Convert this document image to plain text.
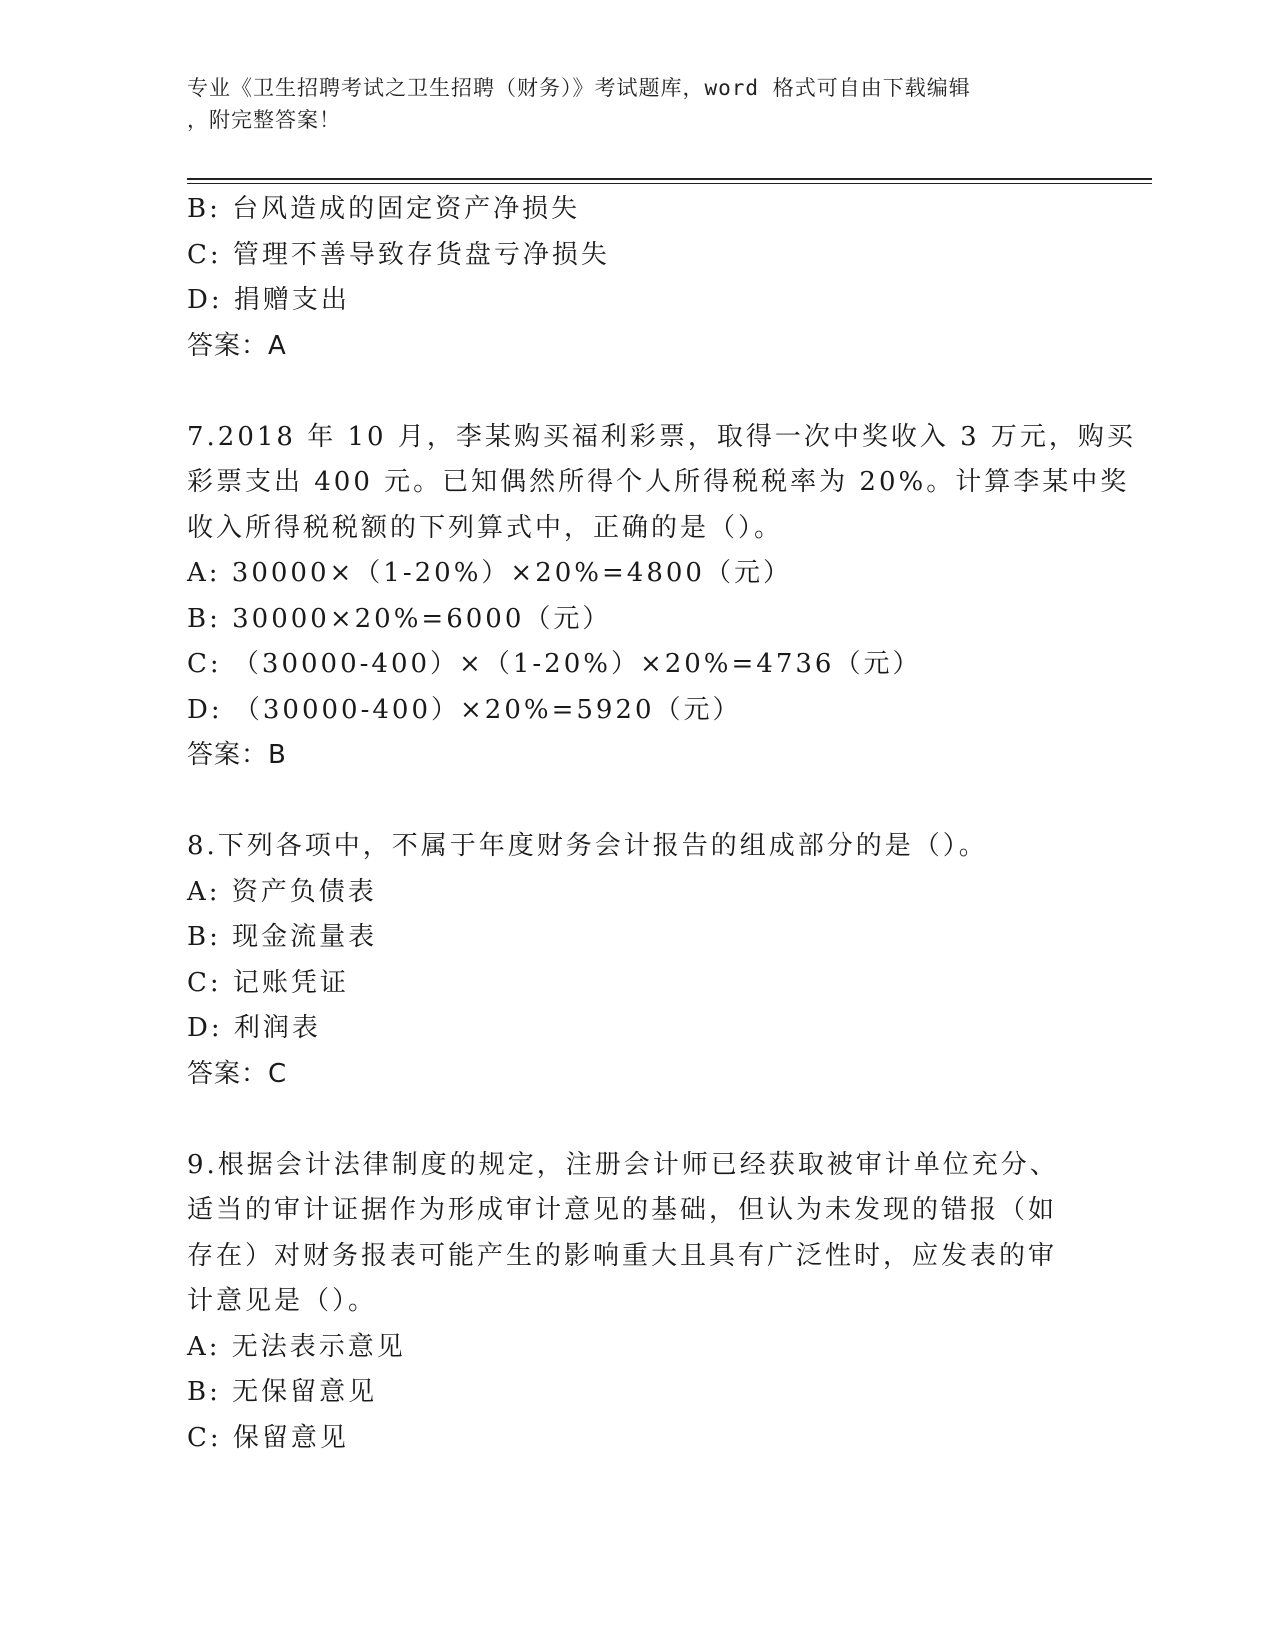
专业《卫生招聘考试之卫生招聘（财务）》考试题库，word 格式可自由下载编辑
，附完整答案！
B: 台风造成的固定资产净损失
C: 管理不善导致存货盘亏净损失
D: 捐赠支出
答案：A
7.2018 年 10 月，李某购买福利彩票，取得一次中奖收入 3 万元，购买
彩票支出 400 元。已知偶然所得个人所得税税率为 20%。计算李某中奖
收入所得税税额的下列算式中，正确的是（）。
A: 30000×（1-20%）×20%=4800（元）
B: 30000×20%=6000（元）
C: （30000-400）×（1-20%）×20%=4736（元）
D: （30000-400）×20%=5920（元）
答案：B
8.下列各项中，不属于年度财务会计报告的组成部分的是（）。
A: 资产负债表
B: 现金流量表
C: 记账凭证
D: 利润表
答案：C
9.根据会计法律制度的规定，注册会计师已经获取被审计单位充分、
适当的审计证据作为形成审计意见的基础，但认为未发现的错报（如
存在）对财务报表可能产生的影响重大且具有广泛性时，应发表的审
计意见是（）。
A: 无法表示意见
B: 无保留意见
C: 保留意见
